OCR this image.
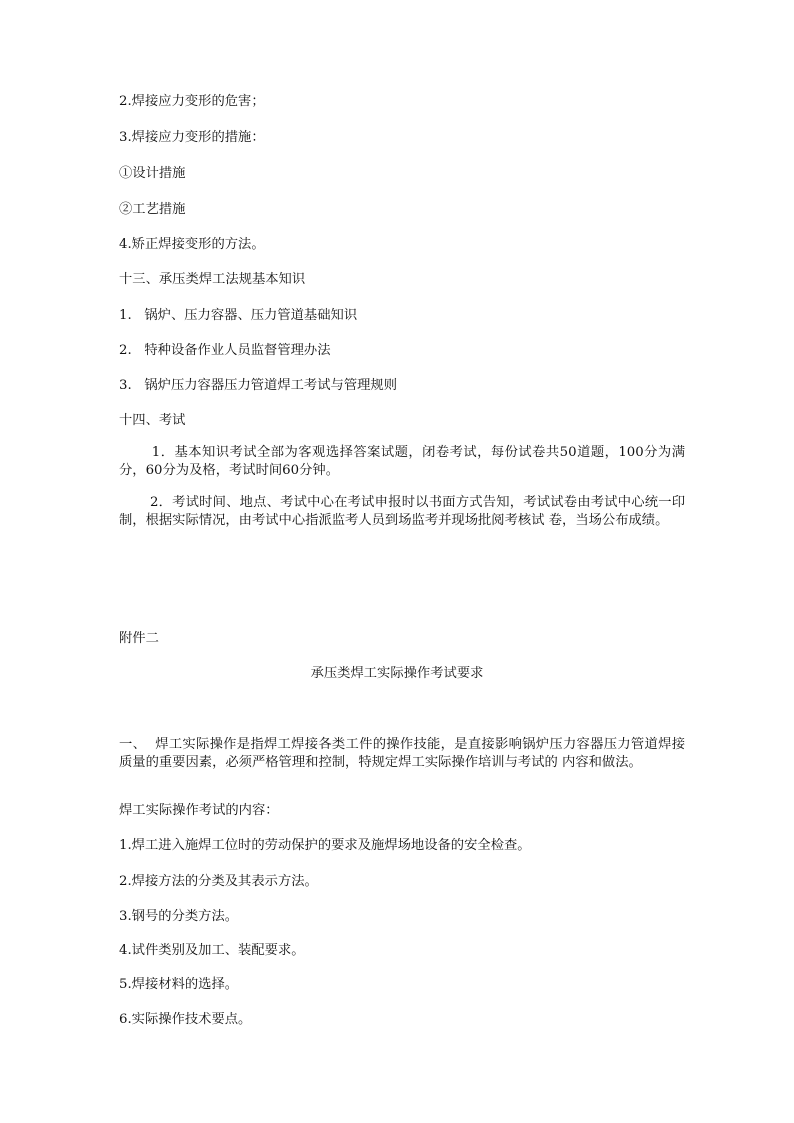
2.焊接应力变形的危害；
3.焊接应力变形的措施：
①设计措施
②工艺措施
4.矫正焊接变形的方法。
十三、承压类焊工法规基本知识
1.   锅炉、压力容器、压力管道基础知识
2.   特种设备作业人员监督管理办法
3.   锅炉压力容器压力管道焊工考试与管理规则
十四、考试
1．基本知识考试全部为客观选择答案试题，闭卷考试，每份试卷共50道题，100分为满分，60分为及格，考试时间60分钟。
2．考试时间、地点、考试中心在考试申报时以书面方式告知，考试试卷由考试中心统一印制，根据实际情况，由考试中心指派监考人员到场监考并现场批阅考核试 卷，当场公布成绩。
附件二
承压类焊工实际操作考试要求
一、  焊工实际操作是指焊工焊接各类工件的操作技能，是直接影响锅炉压力容器压力管道焊接质量的重要因素，必须严格管理和控制，特规定焊工实际操作培训与考试的 内容和做法。
焊工实际操作考试的内容：
1.焊工进入施焊工位时的劳动保护的要求及施焊场地设备的安全检查。
2.焊接方法的分类及其表示方法。
3.钢号的分类方法。
4.试件类别及加工、装配要求。
5.焊接材料的选择。
6.实际操作技术要点。
